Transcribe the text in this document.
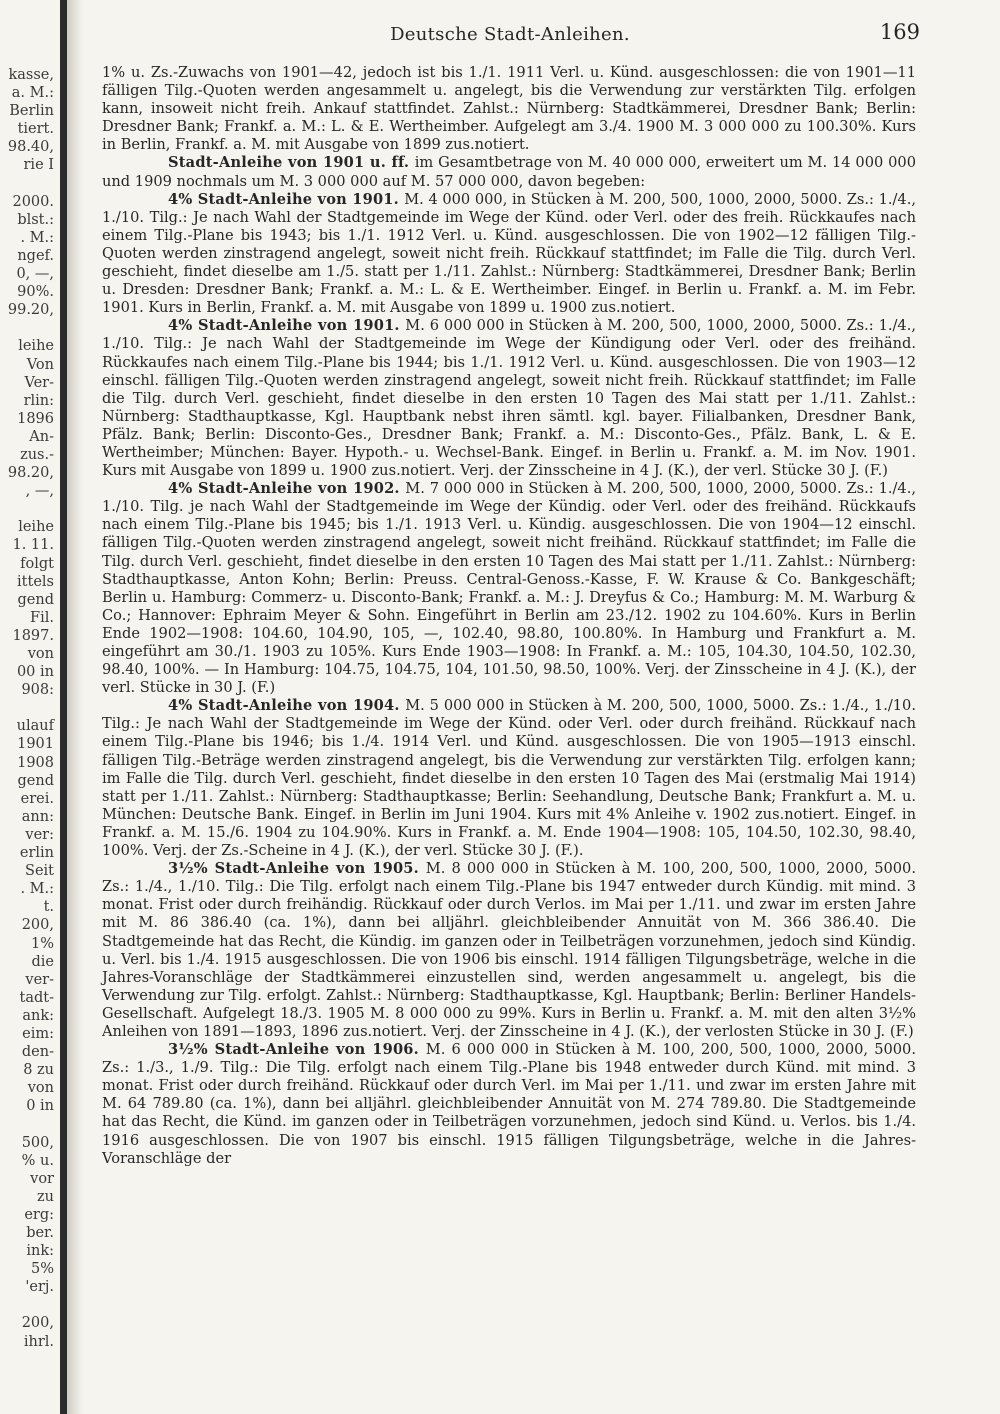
kasse,
a. M.:
Berlin
tiert.
98.40,
rie I
2000.
blst.:
. M.:
ngef.
0, —,
90%.
99.20,
leihe
Von
Ver-
rlin:
1896
An-
zus.-
98.20,
, —,
leihe
1. 11.
folgt
ittels
gend
Fil.
1897.
von
00 in
908:
ulauf
1901
1908
gend
erei.
ann:
ver:
erlin
Seit
. M.:
t.
200,
1%
die
ver-
tadt-
ank:
eim:
den-
8 zu
von
0 in
500,
% u.
vor
zu
erg:
ber.
ink:
5%
'erj.
200,
ihrl.
Deutsche Stadt-Anleihen.	169
1% u. Zs.-Zuwachs von 1901—42, jedoch ist bis 1./1. 1911 Verl. u. Künd. ausgeschlossen: die von 1901—11 fälligen Tilg.-Quoten werden angesammelt u. angelegt, bis die Verwendung zur verstärkten Tilg. erfolgen kann, insoweit nicht freih. Ankauf stattfindet. Zahlst.: Nürnberg: Stadtkämmerei, Dresdner Bank; Berlin: Dresdner Bank; Frankf. a. M.: L. & E. Wertheimber. Aufgelegt am 3./4. 1900 M. 3 000 000 zu 100.30%. Kurs in Berlin, Frankf. a. M. mit Ausgabe von 1899 zus.notiert.
Stadt-Anleihe von 1901 u. ff. im Gesamtbetrage von M. 40 000 000, erweitert um M. 14 000 000 und 1909 nochmals um M. 3 000 000 auf M. 57 000 000, davon begeben:
4% Stadt-Anleihe von 1901. M. 4 000 000, in Stücken à M. 200, 500, 1000, 2000, 5000. Zs.: 1./4., 1./10. Tilg.: Je nach Wahl der Stadtgemeinde im Wege der Künd. oder Verl. oder des freih. Rückkaufes nach einem Tilg.-Plane bis 1943; bis 1./1. 1912 Verl. u. Künd. ausgeschlossen. Die von 1902—12 fälligen Tilg.-Quoten werden zinstragend angelegt, soweit nicht freih. Rückkauf stattfindet; im Falle die Tilg. durch Verl. geschieht, findet dieselbe am 1./5. statt per 1./11. Zahlst.: Nürnberg: Stadtkämmerei, Dresdner Bank; Berlin u. Dresden: Dresdner Bank; Frankf. a. M.: L. & E. Wertheimber. Eingef. in Berlin u. Frankf. a. M. im Febr. 1901. Kurs in Berlin, Frankf. a. M. mit Ausgabe von 1899 u. 1900 zus.notiert.
4% Stadt-Anleihe von 1901. M. 6 000 000 in Stücken à M. 200, 500, 1000, 2000, 5000. Zs.: 1./4., 1./10. Tilg.: Je nach Wahl der Stadtgemeinde im Wege der Kündigung oder Verl. oder des freihänd. Rückkaufes nach einem Tilg.-Plane bis 1944; bis 1./1. 1912 Verl. u. Künd. ausgeschlossen. Die von 1903—12 einschl. fälligen Tilg.-Quoten werden zinstragend angelegt, soweit nicht freih. Rückkauf stattfindet; im Falle die Tilg. durch Verl. geschieht, findet dieselbe in den ersten 10 Tagen des Mai statt per 1./11. Zahlst.: Nürnberg: Stadthauptkasse, Kgl. Hauptbank nebst ihren sämtl. kgl. bayer. Filialbanken, Dresdner Bank, Pfälz. Bank; Berlin: Disconto-Ges., Dresdner Bank; Frankf. a. M.: Disconto-Ges., Pfälz. Bank, L. & E. Wertheimber; München: Bayer. Hypoth.- u. Wechsel-Bank. Eingef. in Berlin u. Frankf. a. M. im Nov. 1901. Kurs mit Ausgabe von 1899 u. 1900 zus.notiert. Verj. der Zinsscheine in 4 J. (K.), der verl. Stücke 30 J. (F.)
4% Stadt-Anleihe von 1902. M. 7 000 000 in Stücken à M. 200, 500, 1000, 2000, 5000. Zs.: 1./4., 1./10. Tilg. je nach Wahl der Stadtgemeinde im Wege der Kündig. oder Verl. oder des freihänd. Rückkaufs nach einem Tilg.-Plane bis 1945; bis 1./1. 1913 Verl. u. Kündig. ausgeschlossen. Die von 1904—12 einschl. fälligen Tilg.-Quoten werden zinstragend angelegt, soweit nicht freihänd. Rückkauf stattfindet; im Falle die Tilg. durch Verl. geschieht, findet dieselbe in den ersten 10 Tagen des Mai statt per 1./11. Zahlst.: Nürnberg: Stadthauptkasse, Anton Kohn; Berlin: Preuss. Central-Genoss.-Kasse, F. W. Krause & Co. Bankgeschäft; Berlin u. Hamburg: Commerz- u. Disconto-Bank; Frankf. a. M.: J. Dreyfus & Co.; Hamburg: M. M. Warburg & Co.; Hannover: Ephraim Meyer & Sohn. Eingeführt in Berlin am 23./12. 1902 zu 104.60%. Kurs in Berlin Ende 1902—1908: 104.60, 104.90, 105, —, 102.40, 98.80, 100.80%. In Hamburg und Frankfurt a. M. eingeführt am 30./1. 1903 zu 105%. Kurs Ende 1903—1908: In Frankf. a. M.: 105, 104.30, 104.50, 102.30, 98.40, 100%. — In Hamburg: 104.75, 104.75, 104, 101.50, 98.50, 100%. Verj. der Zinsscheine in 4 J. (K.), der verl. Stücke in 30 J. (F.)
4% Stadt-Anleihe von 1904. M. 5 000 000 in Stücken à M. 200, 500, 1000, 5000. Zs.: 1./4., 1./10. Tilg.: Je nach Wahl der Stadtgemeinde im Wege der Künd. oder Verl. oder durch freihänd. Rückkauf nach einem Tilg.-Plane bis 1946; bis 1./4. 1914 Verl. und Künd. ausgeschlossen. Die von 1905—1913 einschl. fälligen Tilg.-Beträge werden zinstragend angelegt, bis die Verwendung zur verstärkten Tilg. erfolgen kann; im Falle die Tilg. durch Verl. geschieht, findet dieselbe in den ersten 10 Tagen des Mai (erstmalig Mai 1914) statt per 1./11. Zahlst.: Nürnberg: Stadthauptkasse; Berlin: Seehandlung, Deutsche Bank; Frankfurt a. M. u. München: Deutsche Bank. Eingef. in Berlin im Juni 1904. Kurs mit 4% Anleihe v. 1902 zus.notiert. Eingef. in Frankf. a. M. 15./6. 1904 zu 104.90%. Kurs in Frankf. a. M. Ende 1904—1908: 105, 104.50, 102.30, 98.40, 100%. Verj. der Zs.-Scheine in 4 J. (K.), der verl. Stücke 30 J. (F.).
3½% Stadt-Anleihe von 1905. M. 8 000 000 in Stücken à M. 100, 200, 500, 1000, 2000, 5000. Zs.: 1./4., 1./10. Tilg.: Die Tilg. erfolgt nach einem Tilg.-Plane bis 1947 entweder durch Kündig. mit mind. 3 monat. Frist oder durch freihändig. Rückkauf oder durch Verlos. im Mai per 1./11. und zwar im ersten Jahre mit M. 86 386.40 (ca. 1%), dann bei alljährl. gleichbleibender Annuität von M. 366 386.40. Die Stadtgemeinde hat das Recht, die Kündig. im ganzen oder in Teilbeträgen vorzunehmen, jedoch sind Kündig. u. Verl. bis 1./4. 1915 ausgeschlossen. Die von 1906 bis einschl. 1914 fälligen Tilgungsbeträge, welche in die Jahres-Voranschläge der Stadtkämmerei einzustellen sind, werden angesammelt u. angelegt, bis die Verwendung zur Tilg. erfolgt. Zahlst.: Nürnberg: Stadthauptkasse, Kgl. Hauptbank; Berlin: Berliner Handels-Gesellschaft. Aufgelegt 18./3. 1905 M. 8 000 000 zu 99%. Kurs in Berlin u. Frankf. a. M. mit den alten 3½% Anleihen von 1891—1893, 1896 zus.notiert. Verj. der Zinsscheine in 4 J. (K.), der verlosten Stücke in 30 J. (F.)
3½% Stadt-Anleihe von 1906. M. 6 000 000 in Stücken à M. 100, 200, 500, 1000, 2000, 5000. Zs.: 1./3., 1./9. Tilg.: Die Tilg. erfolgt nach einem Tilg.-Plane bis 1948 entweder durch Künd. mit mind. 3 monat. Frist oder durch freihänd. Rückkauf oder durch Verl. im Mai per 1./11. und zwar im ersten Jahre mit M. 64 789.80 (ca. 1%), dann bei alljährl. gleichbleibender Annuität von M. 274 789.80. Die Stadtgemeinde hat das Recht, die Künd. im ganzen oder in Teilbeträgen vorzunehmen, jedoch sind Künd. u. Verlos. bis 1./4. 1916 ausgeschlossen. Die von 1907 bis einschl. 1915 fälligen Tilgungsbeträge, welche in die Jahres-Voranschläge der
